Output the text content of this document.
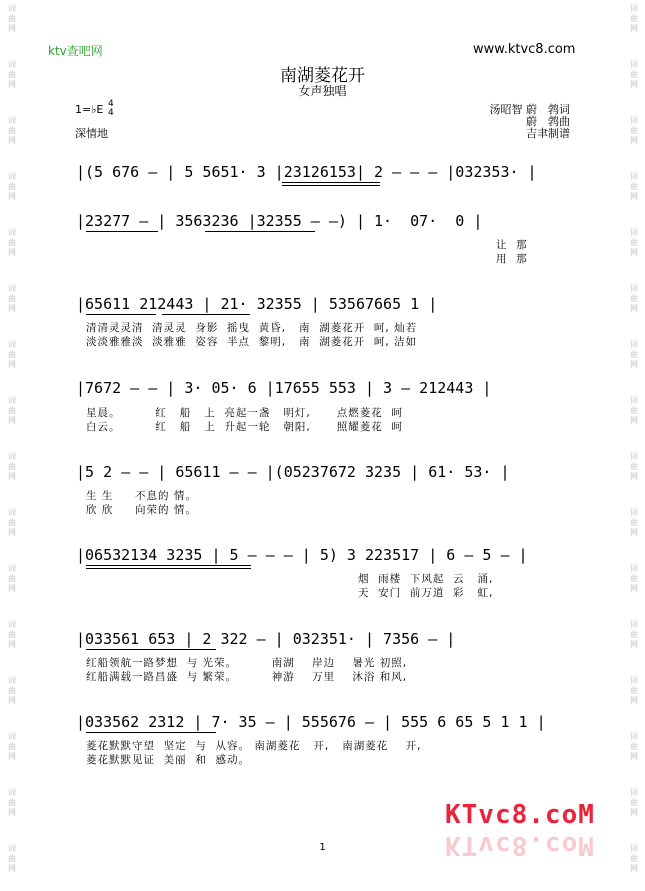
词
曲
网
词
曲
网
词
曲
网
词
曲
网
词
曲
网
词
曲
网
词
曲
网
词
曲
网
词
曲
网
词
曲
网
词
曲
网
词
曲
网
词
曲
网
词
曲
网
词
曲
网
词
曲
网
词
曲
网
词
曲
网
词
曲
网
词
曲
网
词
曲
网
词
曲
网
词
曲
网
词
曲
网
词
曲
网
词
曲
网
词
曲
网
词
曲
网
词
曲
网
词
曲
网
词
曲
网
词
曲
网
ktv查吧网	www.ktvc8.com
南湖菱花开
女声独唱
1=♭E 4
4
深情地
汤昭智 蔚　鹁词
蔚　鹁曲
吉聿制谱
|(5 676 — | 5 5651· 3 |23126153| 2 — — — |032353· |
|23277 — | 3563236 |32355 — —) | 1·  07·  0 |
让  那
用  那
|65611 212443 | 21· 32355 | 53567665 1 |
清清灵灵清  清灵灵  身影  摇曳  黄昏,   南  湖菱花开  呵, 灿若
淡淡雅雅淡  淡雅雅  姿容  半点  黎明,   南  湖菱花开  呵, 洁如
|7672 — — | 3· 05· 6 |17655 553 | 3 — 212443 |
星晨。        红   船   上  亮起一盏   明灯,      点燃菱花  呵
白云。        红   船   上  升起一轮   朝阳,      照耀菱花  呵
|5 2 — — | 65611 — — |(05237672 3235 | 61· 53· |
生 生     不息的 情。
欣 欣     向荣的 情。
|06532134 3235 | 5 — — — | 5) 3 223517 | 6 — 5 — |
烟  雨楼  下风起  云   涌,
天  安门  前万道  彩   虹,
|033561 653 | 2 322 — | 032351· | 7356 — |
红船领航一路梦想  与 光荣。        南湖    岸边    暑光 初照,
红船满载一路昌盛  与 繁荣。        神游    万里    沐浴 和风,
|033562 2312 | 7· 35 — | 555676 — | 555 6 65 5 1 1 |
菱花默默守望  坚定  与  从容。 南湖菱花   开,   南湖菱花    开,
菱花默默见证  美丽  和  感动。
1
KTvc8.coM
KTvc8.coM
